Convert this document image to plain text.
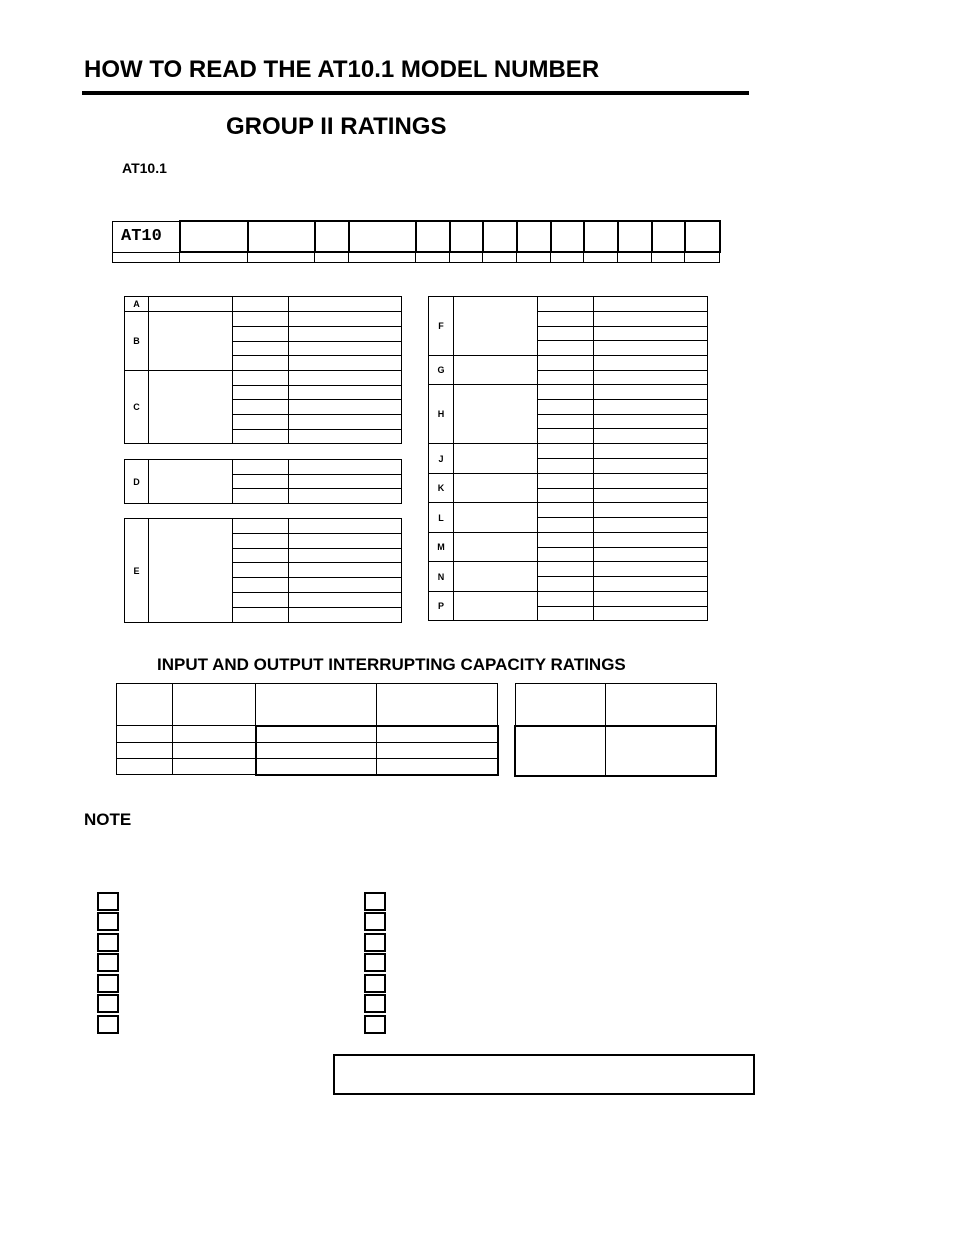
HOW TO READ THE AT10.1 MODEL NUMBER
GROUP II RATINGS
AT10.1
AT10													

A			
B			

C			

D			

E			

F			

G			

H			

J			

K			

L			

M			

N			

P			

INPUT AND OUTPUT INTERRUPTING CAPACITY RATINGS

NOTE
